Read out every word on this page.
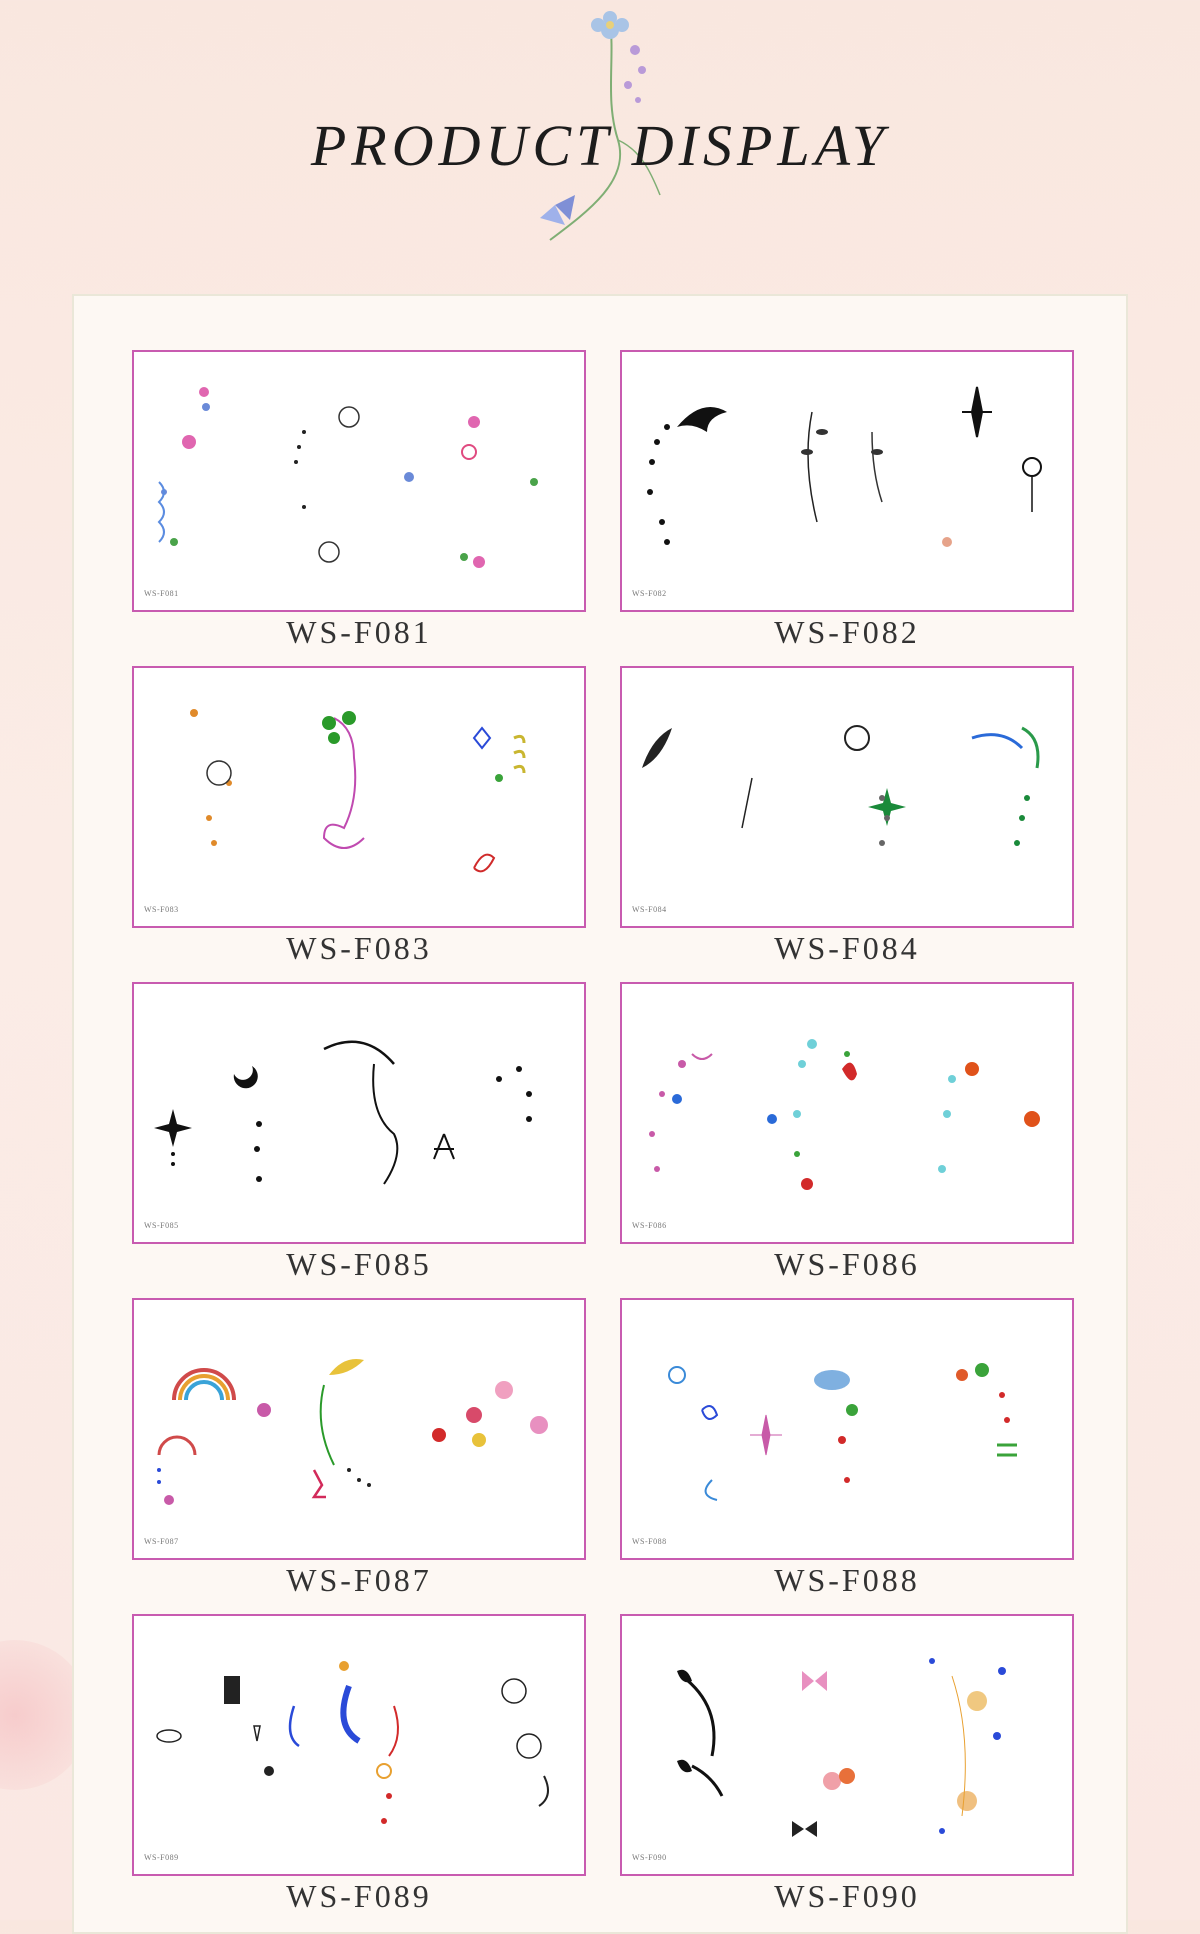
PRODUCT DISPLAY
WS-F081
WS-F081
WS-F082
WS-F082
WS-F083
WS-F083
WS-F084
WS-F084
WS-F085
WS-F085
WS-F086
WS-F086
WS-F087
WS-F087
WS-F088
WS-F088
WS-F089
WS-F089
WS-F090
WS-F090
